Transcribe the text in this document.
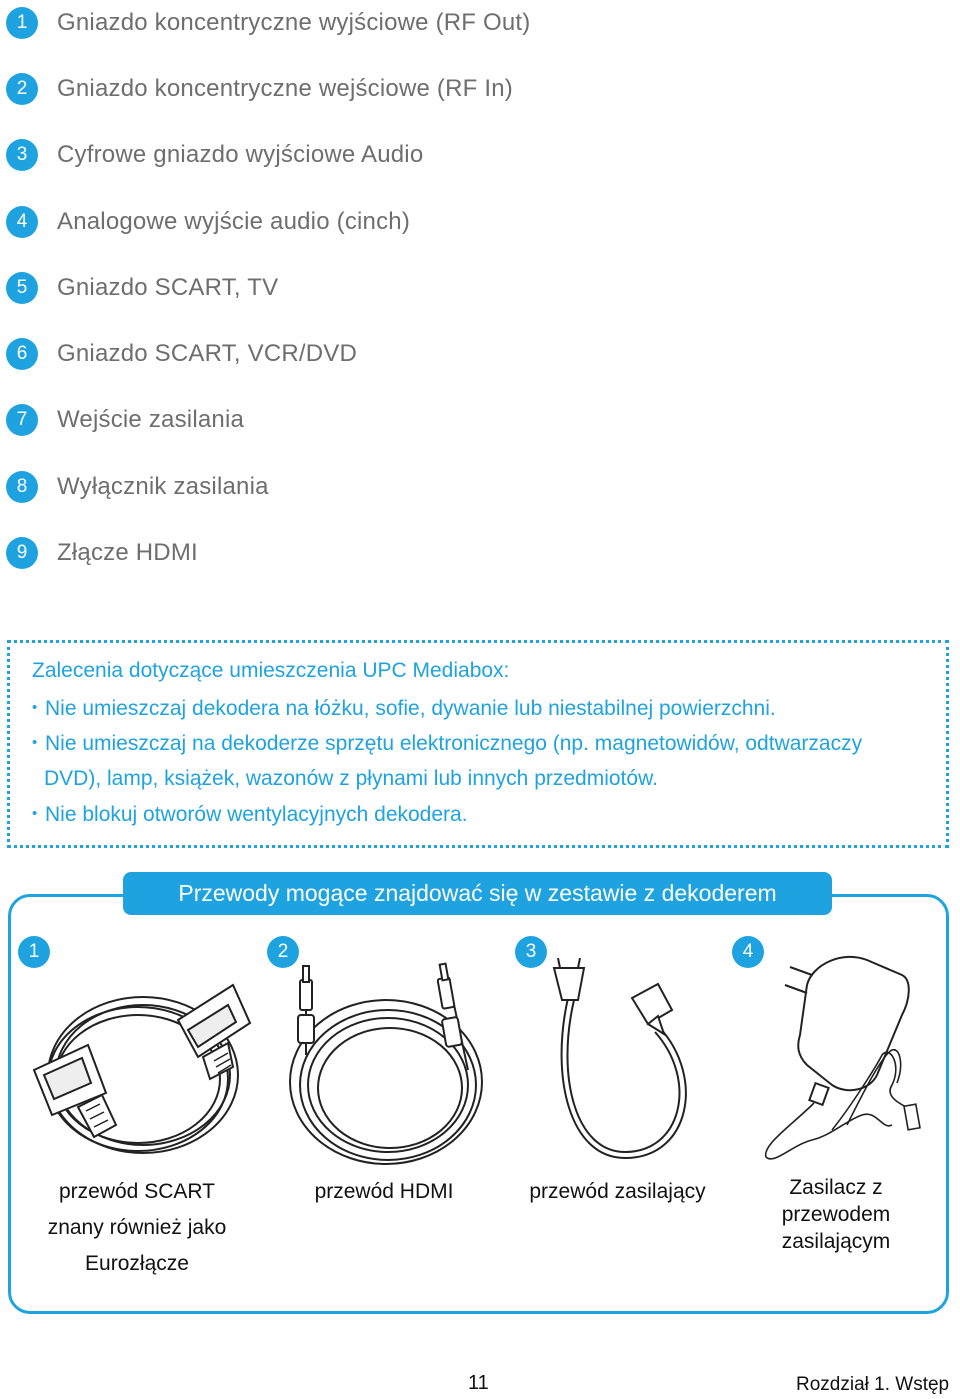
1	Gniazdo koncentryczne wyjściowe (RF Out)
2	Gniazdo koncentryczne wejściowe (RF In)
3	Cyfrowe gniazdo wyjściowe Audio
4	Analogowe wyjście audio (cinch)
5	Gniazdo SCART, TV
6	Gniazdo SCART, VCR/DVD
7	Wejście zasilania
8	Wyłącznik zasilania
9	Złącze HDMI
Zalecenia dotyczące umieszczenia UPC Mediabox:
• Nie umieszczaj dekodera na łóżku, sofie, dywanie lub niestabilnej powierzchni.
• Nie umieszczaj na dekoderze sprzętu elektronicznego (np. magnetowidów, odtwarzaczy
DVD), lamp, książek, wazonów z płynami lub innych przedmiotów.
• Nie blokuj otworów wentylacyjnych dekodera.
Przewody mogące znajdować się w zestawie z dekoderem
1	2	3	4
przewód SCART
znany również jako
Eurozłącze
przewód HDMI	przewód zasilający	Zasilacz z
przewodem
zasilającym
11	Rozdział 1. Wstęp
